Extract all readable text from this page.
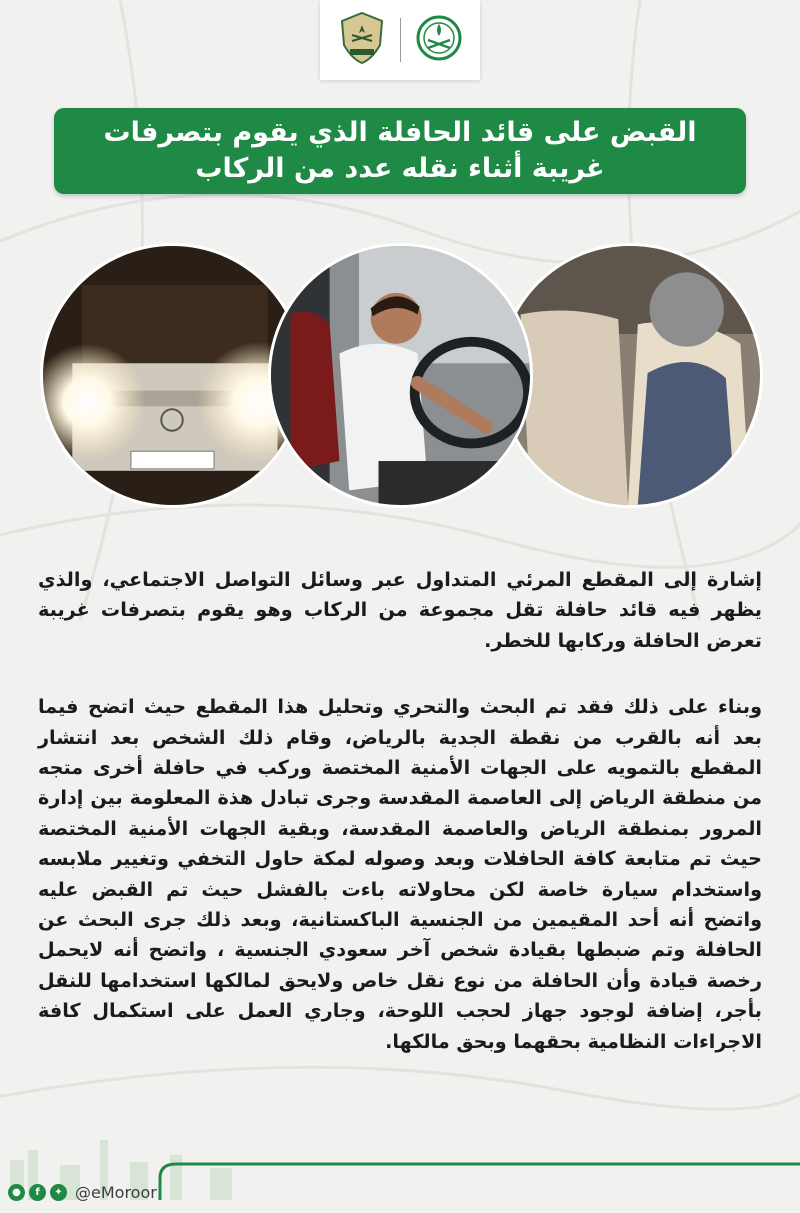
القبض على قائد الحافلة الذي يقوم بتصرفات
غريبة أثناء نقله عدد من الركاب

إشارة إلى المقطع المرئي المتداول عبر وسائل التواصل الاجتماعي، والذي يظهر فيه قائد حافلة تقل مجموعة من الركاب وهو يقوم بتصرفات غريبة تعرض الحافلة وركابها للخطر.

وبناء على ذلك فقد تم البحث والتحري وتحليل هذا المقطع حيث اتضح فيما بعد أنه بالقرب من نقطة الجدية بالرياض، وقام ذلك الشخص بعد انتشار المقطع بالتمويه على الجهات الأمنية المختصة وركب في حافلة أخرى متجه من منطقة الرياض إلى العاصمة المقدسة وجرى تبادل هذة المعلومة بين إدارة المرور بمنطقة الرياض والعاصمة المقدسة، وبقية الجهات الأمنية المختصة حيث تم متابعة كافة الحافلات وبعد وصوله لمكة حاول التخفي وتغيير ملابسه واستخدام سيارة خاصة لكن محاولاته باءت بالفشل حيث تم القبض عليه واتضح أنه أحد المقيمين من الجنسية الباكستانية، وبعد ذلك جرى البحث عن الحافلة وتم ضبطها بقيادة شخص آخر سعودي الجنسية ، واتضح أنه لايحمل رخصة قيادة وأن الحافلة من نوع نقل خاص ولايحق لمالكها استخدامها للنقل بأجر، إضافة لوجود جهاز لحجب اللوحة، وجاري العمل على استكمال كافة الاجراءات النظامية بحقهما وبحق مالكها.

●	f	✦ @eMoroor
